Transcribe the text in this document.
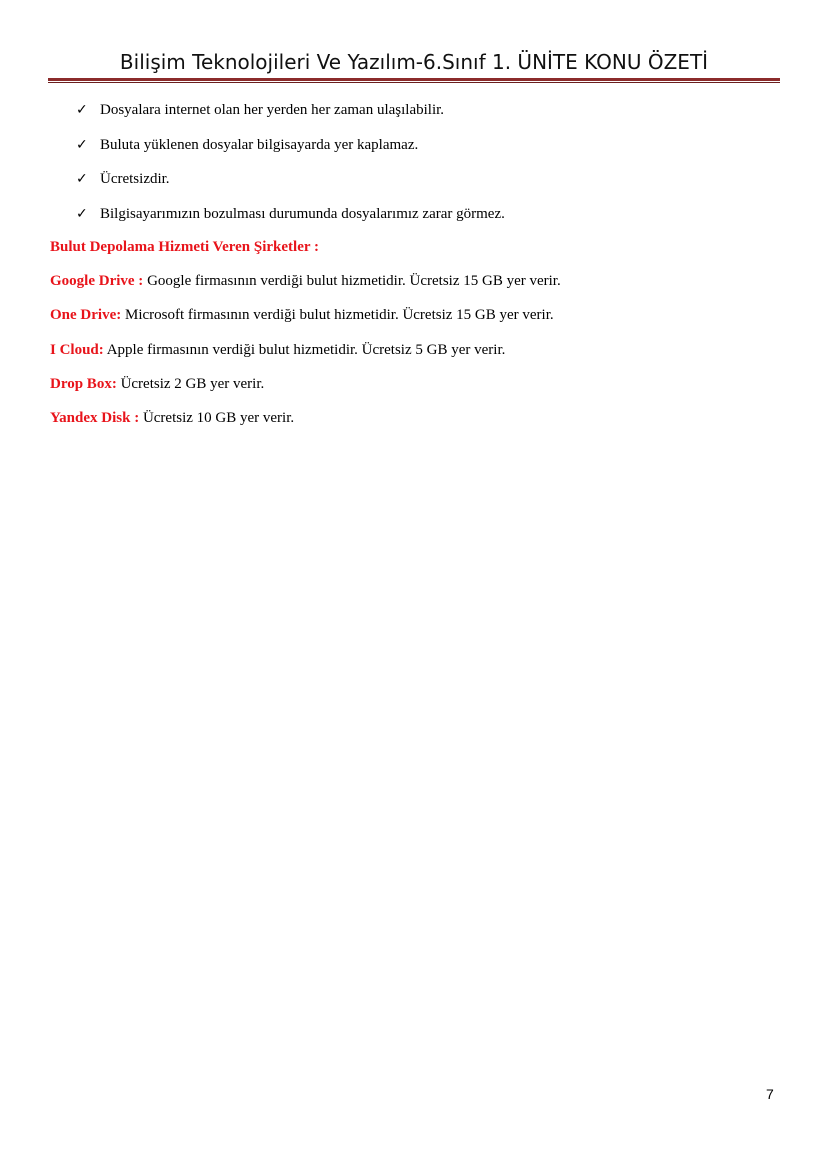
Bilişim Teknolojileri Ve Yazılım-6.Sınıf 1. ÜNİTE KONU ÖZETİ
✓ Dosyalara internet olan her yerden her zaman ulaşılabilir.
✓ Buluta yüklenen dosyalar bilgisayarda yer kaplamaz.
✓ Ücretsizdir.
✓ Bilgisayarımızın bozulması durumunda dosyalarımız zarar görmez.
Bulut Depolama Hizmeti Veren Şirketler :
Google Drive : Google firmasının verdiği bulut hizmetidir. Ücretsiz 15 GB yer verir.
One Drive: Microsoft firmasının verdiği bulut hizmetidir. Ücretsiz 15 GB yer verir.
I Cloud: Apple firmasının verdiği bulut hizmetidir. Ücretsiz 5 GB yer verir.
Drop Box: Ücretsiz 2 GB yer verir.
Yandex Disk : Ücretsiz 10 GB yer verir.
7
